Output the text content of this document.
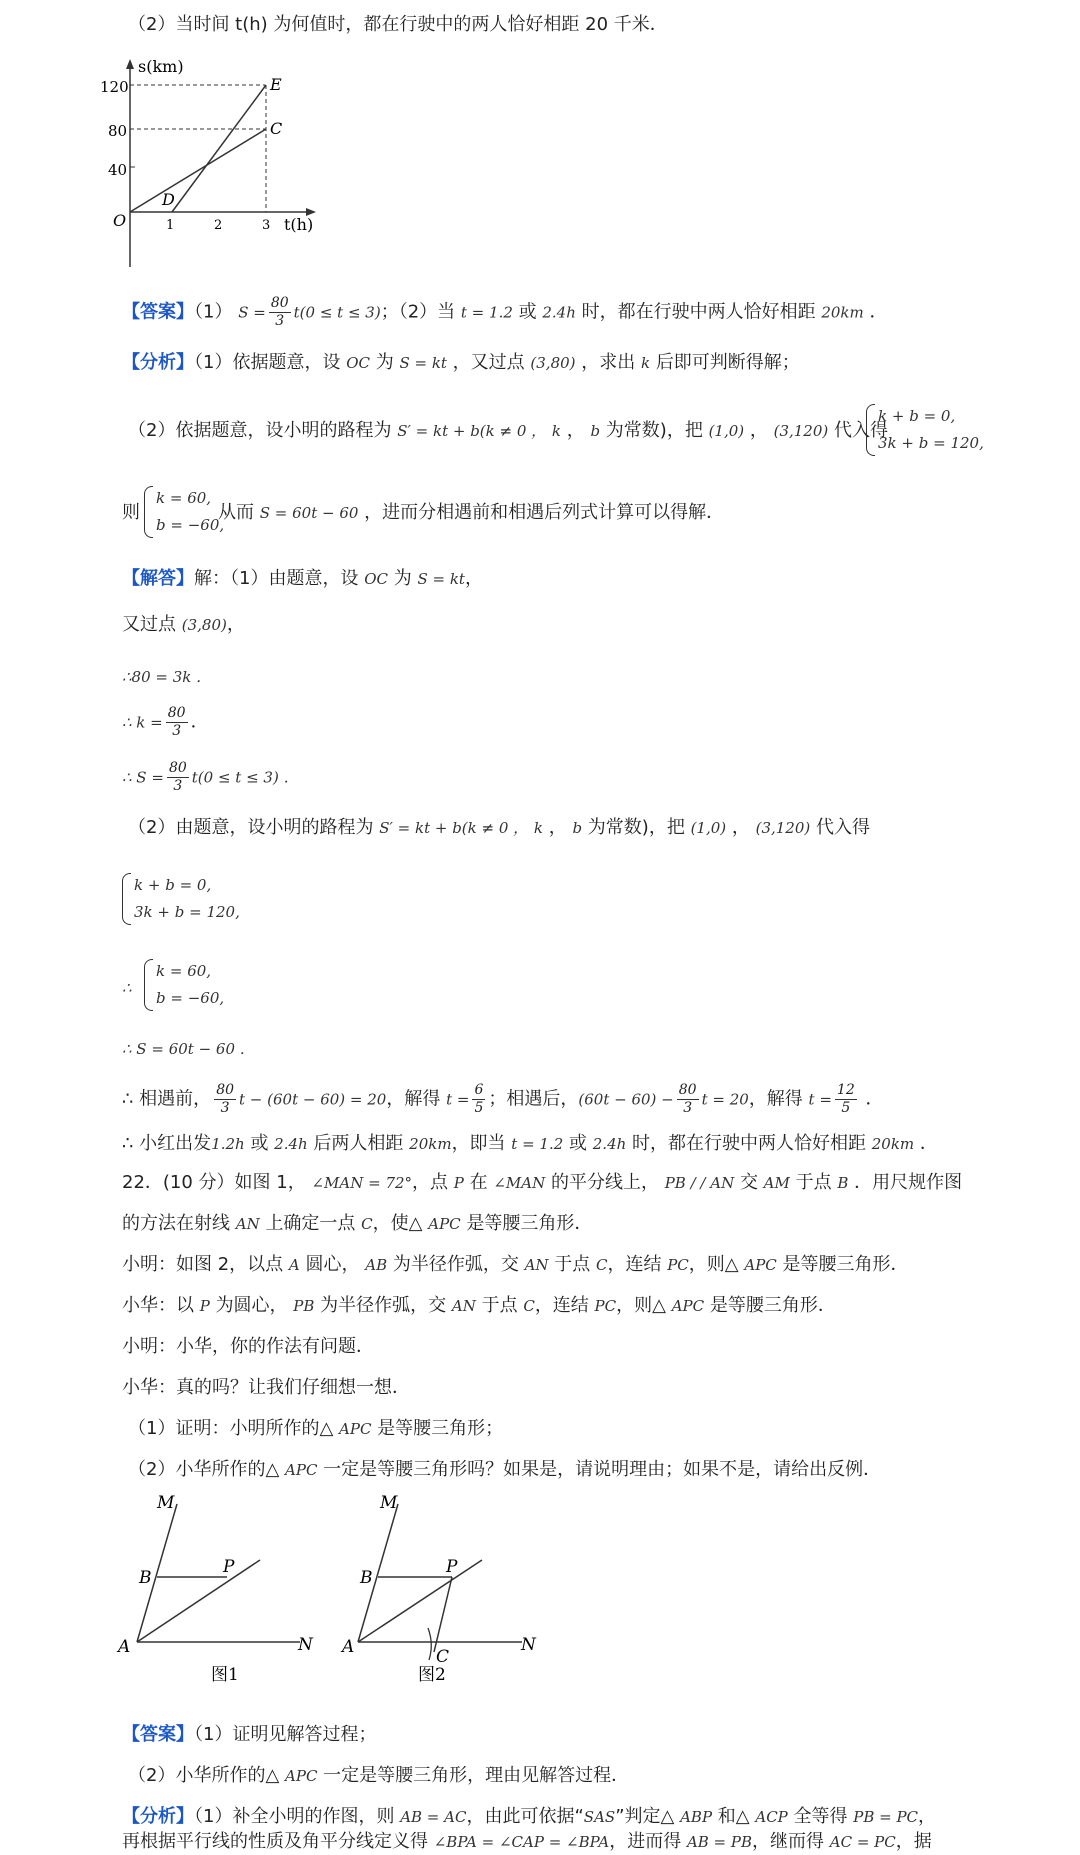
（2）当时间 t(h) 为何值时，都在行驶中的两人恰好相距 20 千米．
s(km)
t(h)
O
120
80
40
1	2	3
E
C
D
【答案】（1） $S = \frac{80}{3} t(0 \le t \le 3)$；（2）当 t = 1.2 或 2.4h 时，都在行驶中两人恰好相距 20km ．
【分析】（1）依据题意，设 OC 为 S = kt ，又过点 (3,80) ，求出 k 后即可判断得解；
（2）依据题意，设小明的路程为 S′ = kt + b(k ≠ 0 ， k ， b 为常数)，把 (1,0) ， (3,120) 代入得
k + b = 0,
3k + b = 120,
则
k = 60,
b = −60,
从而 S = 60t − 60 ，进而分相遇前和相遇后列式计算可以得解．
【解答】解：（1）由题意，设 OC 为 S = kt，
又过点 (3,80)，
∴80 = 3k ．
∴ $k = \frac{80}{3}$ ．
∴ $S = \frac{80}{3} t(0 \le t \le 3)$ ．
（2）由题意，设小明的路程为 S′ = kt + b(k ≠ 0 ， k ， b 为常数)，把 (1,0) ， (3,120) 代入得
k + b = 0,
3k + b = 120,
∴
k = 60,
b = −60,
∴ S = 60t − 60 ．
∴ 相遇前， $\frac{80}{3}$ t − (60t − 60) = 20，解得 $t = \frac{6}{5}$ ；相遇后，$(60t - 60) - \frac{80}{3}$ t = 20，解得 $t = \frac{12}{5}$ ．
∴ 小红出发1.2h 或 2.4h 后两人相距 20km，即当 t = 1.2 或 2.4h 时，都在行驶中两人恰好相距 20km ．
22．(10 分）如图 1， ∠MAN = 72°，点 P 在 ∠MAN 的平分线上， PB / / AN 交 AM 于点 B ．用尺规作图
的方法在射线 AN 上确定一点 C，使△ APC 是等腰三角形．
小明：如图 2，以点 A 圆心， AB 为半径作弧，交 AN 于点 C，连结 PC，则△ APC 是等腰三角形．
小华：以 P 为圆心， PB 为半径作弧，交 AN 于点 C，连结 PC，则△ APC 是等腰三角形．
小明：小华，你的作法有问题．
小华：真的吗？让我们仔细想一想．
（1）证明：小明所作的△ APC 是等腰三角形；
（2）小华所作的△ APC 一定是等腰三角形吗？如果是，请说明理由；如果不是，请给出反例．
M
B
P
A	N
图1
M
B
P
A	N
C
图2
【答案】（1）证明见解答过程；
（2）小华所作的△ APC 一定是等腰三角形，理由见解答过程．
【分析】（1）补全小明的作图，则 AB = AC，由此可依据“SAS”判定△ ABP 和△ ACP 全等得 PB = PC，
再根据平行线的性质及角平分线定义得 ∠BPA = ∠CAP = ∠BPA，进而得 AB = PB，继而得 AC = PC，据
